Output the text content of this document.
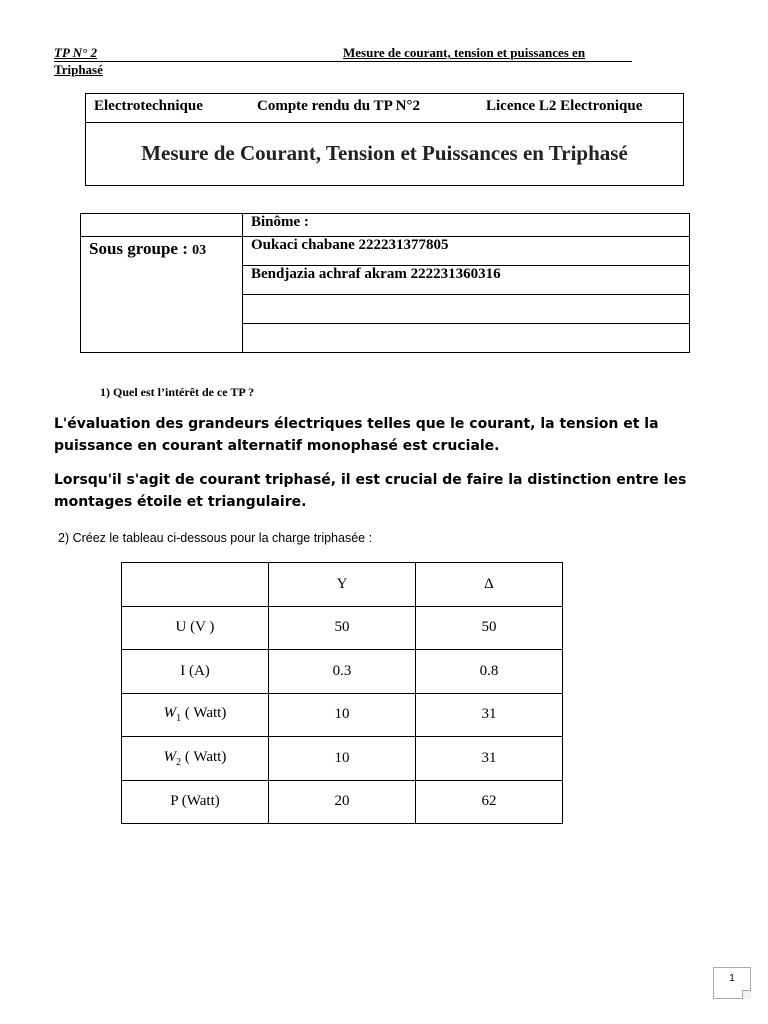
TP N° 2	Mesure de courant, tension et puissances en
Triphasé
Electrotechnique	Compte rendu du TP N°2	Licence L2 Electronique
Mesure de Courant, Tension et Puissances en Triphasé
	Binôme :
Sous groupe : 03	Oukaci chabane 222231377805
	Bendjazia achraf akram 222231360316

1) Quel est l’intérêt de ce TP ?
L'évaluation des grandeurs électriques telles que le courant, la tension et la puissance en courant alternatif monophasé est cruciale.
Lorsqu'il s'agit de courant triphasé, il est crucial de faire la distinction entre les montages étoile et triangulaire.
2) Créez le tableau ci-dessous pour la charge triphasée :
	Y	Δ
U (V )	50	50
I (A)	0.3	0.8
$W_1$ ( Watt)	10	31
$W_2$ ( Watt)	10	31
P (Watt)	20	62
1
